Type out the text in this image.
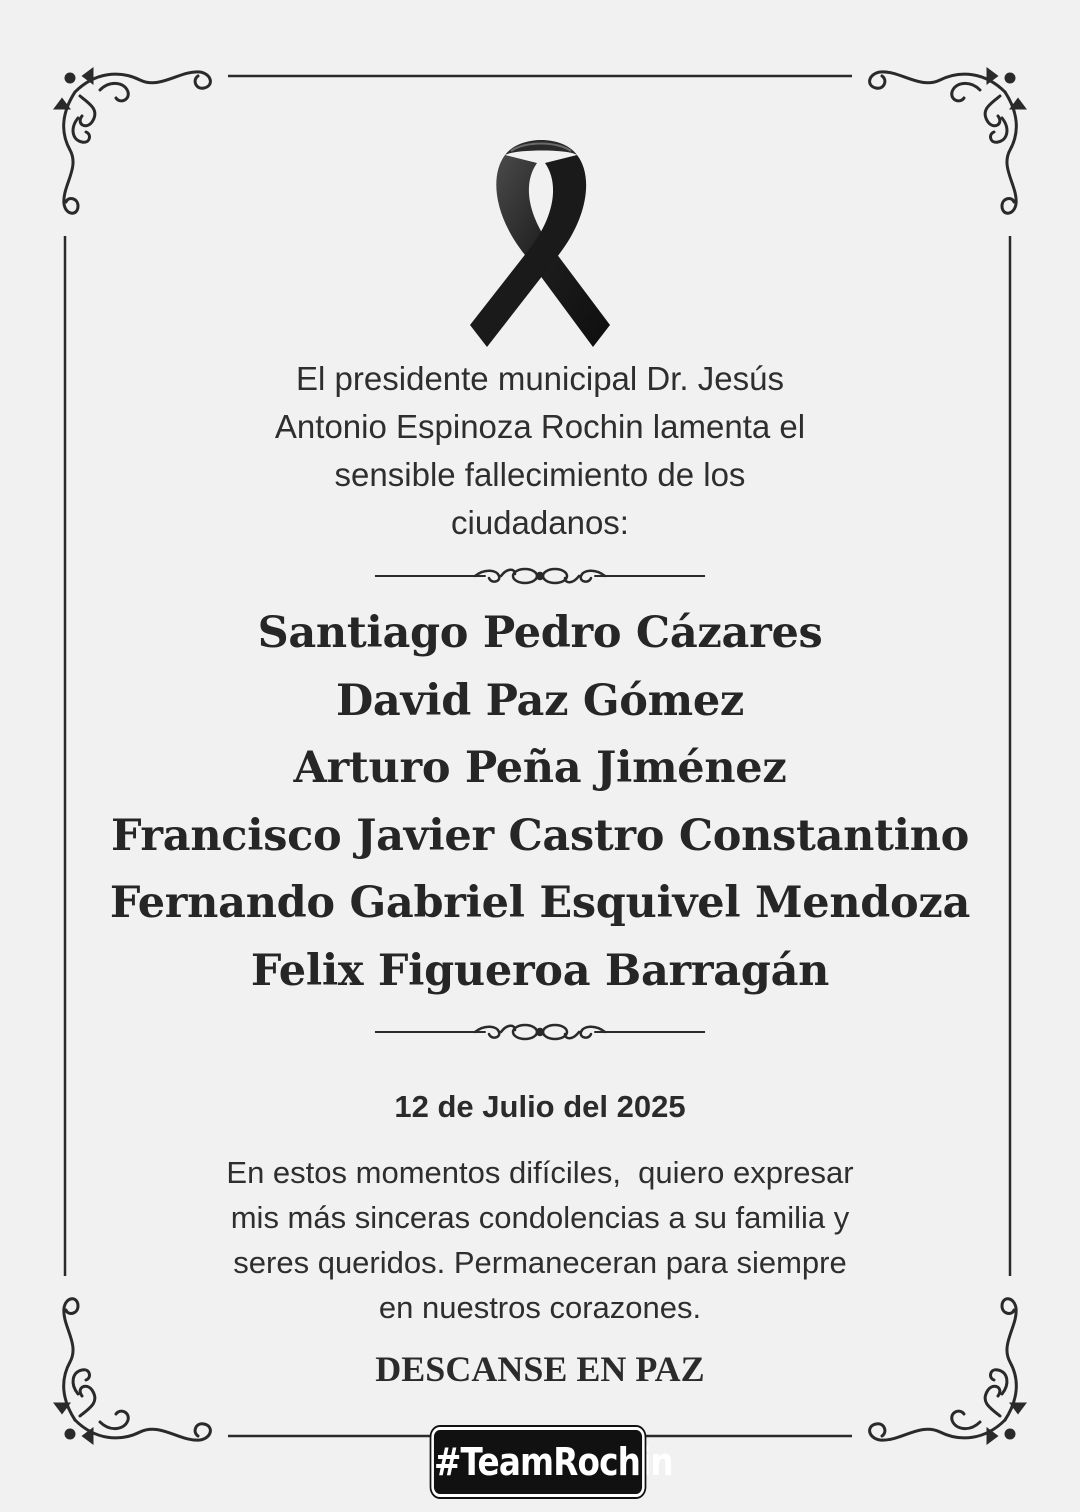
El presidente municipal Dr. Jesús
Antonio Espinoza Rochin lamenta el
sensible fallecimiento de los
ciudadanos:
Santiago Pedro Cázares
David Paz Gómez
Arturo Peña Jiménez
Francisco Javier Castro Constantino
Fernando Gabriel Esquivel Mendoza
Felix Figueroa Barragán
12 de Julio del 2025
En estos momentos difíciles,  quiero expresar
mis más sinceras condolencias a su familia y
seres queridos. Permaneceran para siempre
en nuestros corazones.
DESCANSE EN PAZ
#TeamRochin
